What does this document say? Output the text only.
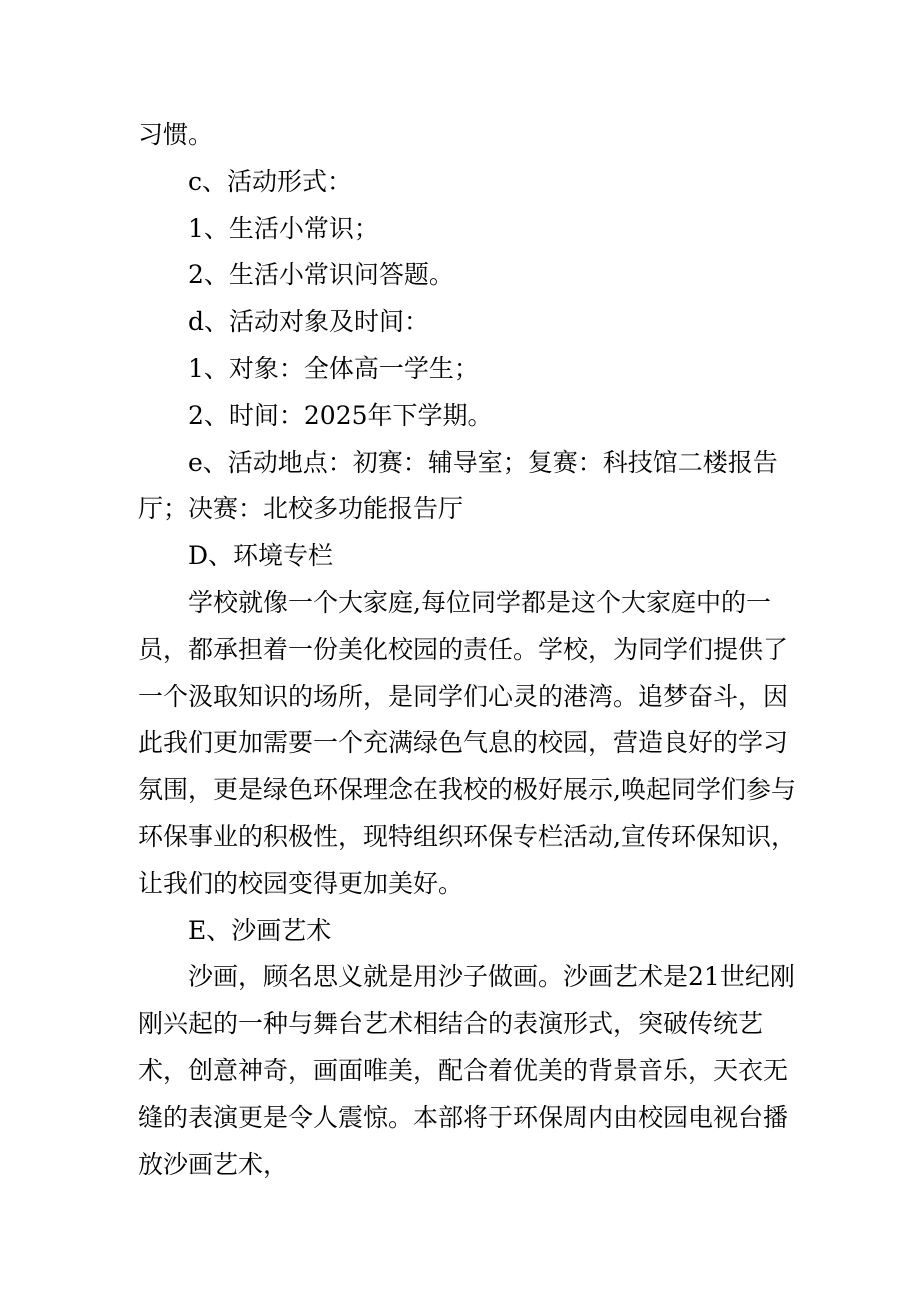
习惯。

c、活动形式：

1、生活小常识；

2、生活小常识问答题。

d、活动对象及时间：

1、对象：全体高一学生；

2、时间：2025年下学期。

e、活动地点：初赛：辅导室；复赛：科技馆二楼报告厅；决赛：北校多功能报告厅

D、环境专栏

学校就像一个大家庭,每位同学都是这个大家庭中的一员，都承担着一份美化校园的责任。学校，为同学们提供了一个汲取知识的场所，是同学们心灵的港湾。追梦奋斗，因此我们更加需要一个充满绿色气息的校园，营造良好的学习氛围，更是绿色环保理念在我校的极好展示,唤起同学们参与环保事业的积极性，现特组织环保专栏活动,宣传环保知识，让我们的校园变得更加美好。

E、沙画艺术

沙画，顾名思义就是用沙子做画。沙画艺术是21世纪刚刚兴起的一种与舞台艺术相结合的表演形式，突破传统艺术，创意神奇，画面唯美，配合着优美的背景音乐，天衣无缝的表演更是令人震惊。本部将于环保周内由校园电视台播放沙画艺术，
